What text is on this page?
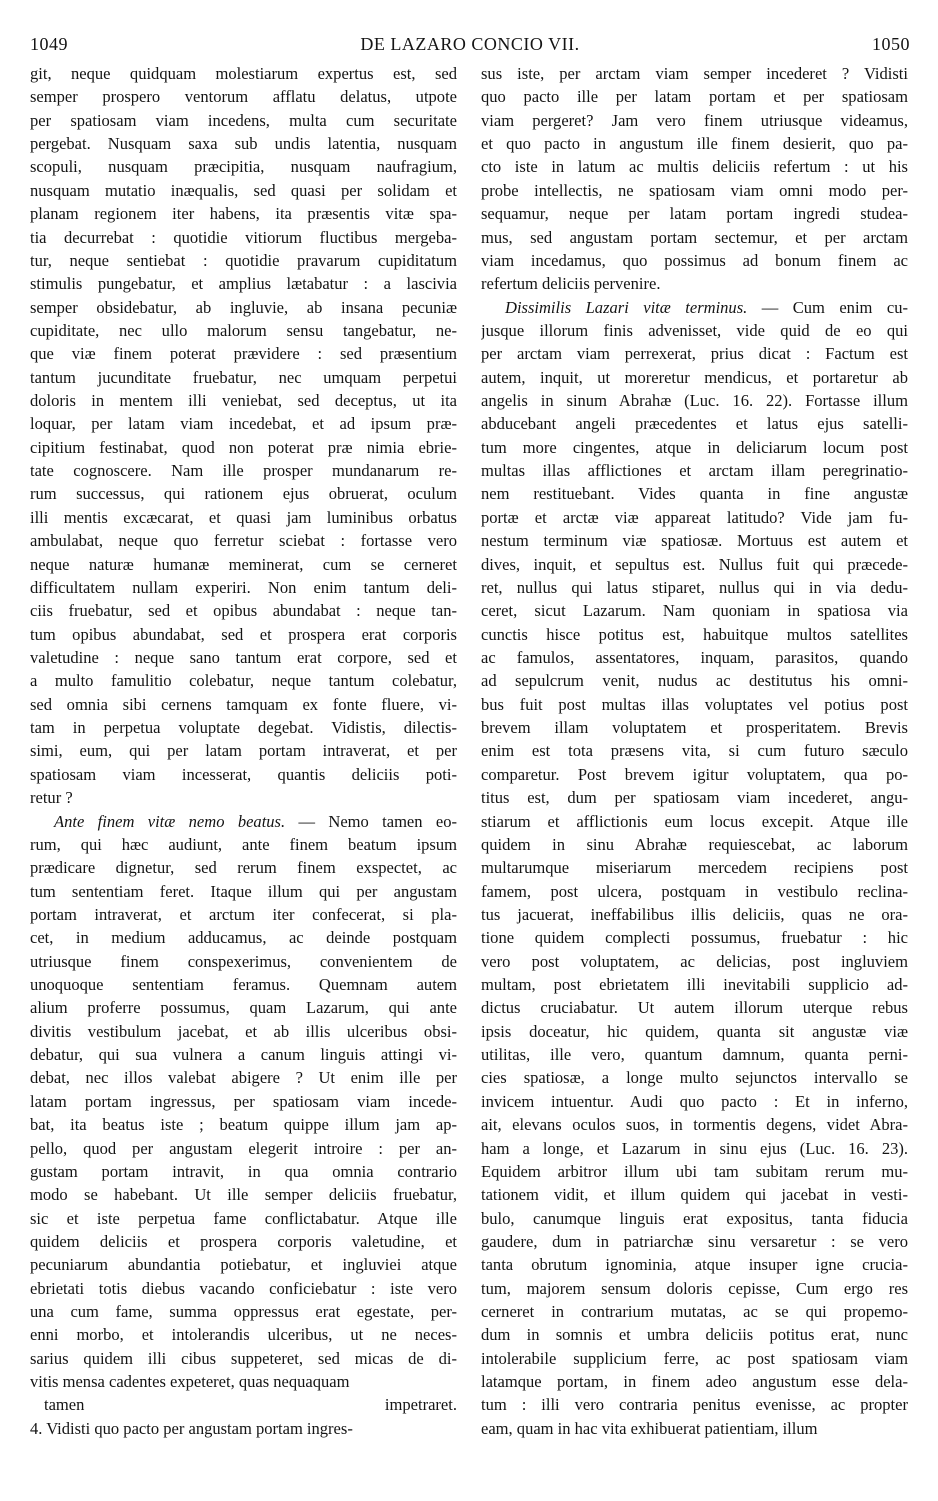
1049	DE LAZARO CONCIO VII.	1050
git, neque quidquam molestiarum expertus est, sed
semper prospero ventorum afflatu delatus, utpote
per spatiosam viam incedens, multa cum securitate
pergebat. Nusquam saxa sub undis latentia, nusquam
scopuli, nusquam præcipitia, nusquam naufragium,
nusquam mutatio inæqualis, sed quasi per solidam et
planam regionem iter habens, ita præsentis vitæ spa-
tia decurrebat : quotidie vitiorum fluctibus mergeba-
tur, neque sentiebat : quotidie pravarum cupiditatum
stimulis pungebatur, et amplius lætabatur : a lascivia
semper obsidebatur, ab ingluvie, ab insana pecuniæ
cupiditate, nec ullo malorum sensu tangebatur, ne-
que viæ finem poterat prævidere : sed præsentium
tantum jucunditate fruebatur, nec umquam perpetui
doloris in mentem illi veniebat, sed deceptus, ut ita
loquar, per latam viam incedebat, et ad ipsum præ-
cipitium festinabat, quod non poterat præ nimia ebrie-
tate cognoscere. Nam ille prosper mundanarum re-
rum successus, qui rationem ejus obruerat, oculum
illi mentis excæcarat, et quasi jam luminibus orbatus
ambulabat, neque quo ferretur sciebat : fortasse vero
neque naturæ humanæ meminerat, cum se cerneret
difficultatem nullam experiri. Non enim tantum deli-
ciis fruebatur, sed et opibus abundabat : neque tan-
tum opibus abundabat, sed et prospera erat corporis
valetudine : neque sano tantum erat corpore, sed et
a multo famulitio colebatur, neque tantum colebatur,
sed omnia sibi cernens tamquam ex fonte fluere, vi-
tam in perpetua voluptate degebat. Vidistis, dilectis-
simi, eum, qui per latam portam intraverat, et per
spatiosam viam incesserat, quantis deliciis poti-
retur ?
Ante finem vitæ nemo beatus. — Nemo tamen eo-
rum, qui hæc audiunt, ante finem beatum ipsum
prædicare dignetur, sed rerum finem exspectet, ac
tum sententiam feret. Itaque illum qui per angustam
portam intraverat, et arctum iter confecerat, si pla-
cet, in medium adducamus, ac deinde postquam
utriusque finem conspexerimus, convenientem de
unoquoque sententiam feramus. Quemnam autem
alium proferre possumus, quam Lazarum, qui ante
divitis vestibulum jacebat, et ab illis ulceribus obsi-
debatur, qui sua vulnera a canum linguis attingi vi-
debat, nec illos valebat abigere ? Ut enim ille per
latam portam ingressus, per spatiosam viam incede-
bat, ita beatus iste ; beatum quippe illum jam ap-
pello, quod per angustam elegerit introire : per an-
gustam portam intravit, in qua omnia contrario
modo se habebant. Ut ille semper deliciis fruebatur,
sic et iste perpetua fame conflictabatur. Atque ille
quidem deliciis et prospera corporis valetudine, et
pecuniarum abundantia potiebatur, et ingluviei atque
ebrietati totis diebus vacando conficiebatur : iste vero
una cum fame, summa oppressus erat egestate, per-
enni morbo, et intolerandis ulceribus, ut ne neces-
sarius quidem illi cibus suppeteret, sed micas de di-
vitis mensa cadentes expeteret, quas nequaquam
tamen impetraret.
4. Vidisti quo pacto per angustam portam ingres-
sus iste, per arctam viam semper incederet ? Vidisti
quo pacto ille per latam portam et per spatiosam
viam pergeret? Jam vero finem utriusque videamus,
et quo pacto in angustum ille finem desierit, quo pa-
cto iste in latum ac multis deliciis refertum : ut his
probe intellectis, ne spatiosam viam omni modo per-
sequamur, neque per latam portam ingredi studea-
mus, sed angustam portam sectemur, et per arctam
viam incedamus, quo possimus ad bonum finem ac
refertum deliciis pervenire.
Dissimilis Lazari vitæ terminus. — Cum enim cu-
jusque illorum finis advenisset, vide quid de eo qui
per arctam viam perrexerat, prius dicat : Factum est
autem, inquit, ut moreretur mendicus, et portaretur ab
angelis in sinum Abrahæ (Luc. 16. 22). Fortasse illum
abducebant angeli præcedentes et latus ejus satelli-
tum more cingentes, atque in deliciarum locum post
multas illas afflictiones et arctam illam peregrinatio-
nem restituebant. Vides quanta in fine angustæ
portæ et arctæ viæ appareat latitudo? Vide jam fu-
nestum terminum viæ spatiosæ. Mortuus est autem et
dives, inquit, et sepultus est. Nullus fuit qui præcede-
ret, nullus qui latus stiparet, nullus qui in via dedu-
ceret, sicut Lazarum. Nam quoniam in spatiosa via
cunctis hisce potitus est, habuitque multos satellites
ac famulos, assentatores, inquam, parasitos, quando
ad sepulcrum venit, nudus ac destitutus his omni-
bus fuit post multas illas voluptates vel potius post
brevem illam voluptatem et prosperitatem. Brevis
enim est tota præsens vita, si cum futuro sæculo
comparetur. Post brevem igitur voluptatem, qua po-
titus est, dum per spatiosam viam incederet, angu-
stiarum et afflictionis eum locus excepit. Atque ille
quidem in sinu Abrahæ requiescebat, ac laborum
multarumque miseriarum mercedem recipiens post
famem, post ulcera, postquam in vestibulo reclina-
tus jacuerat, ineffabilibus illis deliciis, quas ne ora-
tione quidem complecti possumus, fruebatur : hic
vero post voluptatem, ac delicias, post ingluviem
multam, post ebrietatem illi inevitabili supplicio ad-
dictus cruciabatur. Ut autem illorum uterque rebus
ipsis doceatur, hic quidem, quanta sit angustæ viæ
utilitas, ille vero, quantum damnum, quanta perni-
cies spatiosæ, a longe multo sejunctos intervallo se
invicem intuentur. Audi quo pacto : Et in inferno,
ait, elevans oculos suos, in tormentis degens, videt Abra-
ham a longe, et Lazarum in sinu ejus (Luc. 16. 23).
Equidem arbitror illum ubi tam subitam rerum mu-
tationem vidit, et illum quidem qui jacebat in vesti-
bulo, canumque linguis erat expositus, tanta fiducia
gaudere, dum in patriarchæ sinu versaretur : se vero
tanta obrutum ignominia, atque insuper igne crucia-
tum, majorem sensum doloris cepisse, Cum ergo res
cerneret in contrarium mutatas, ac se qui propemo-
dum in somnis et umbra deliciis potitus erat, nunc
intolerabile supplicium ferre, ac post spatiosam viam
latamque portam, in finem adeo angustum esse dela-
tum : illi vero contraria penitus evenisse, ac propter
eam, quam in hac vita exhibuerat patientiam, illum
